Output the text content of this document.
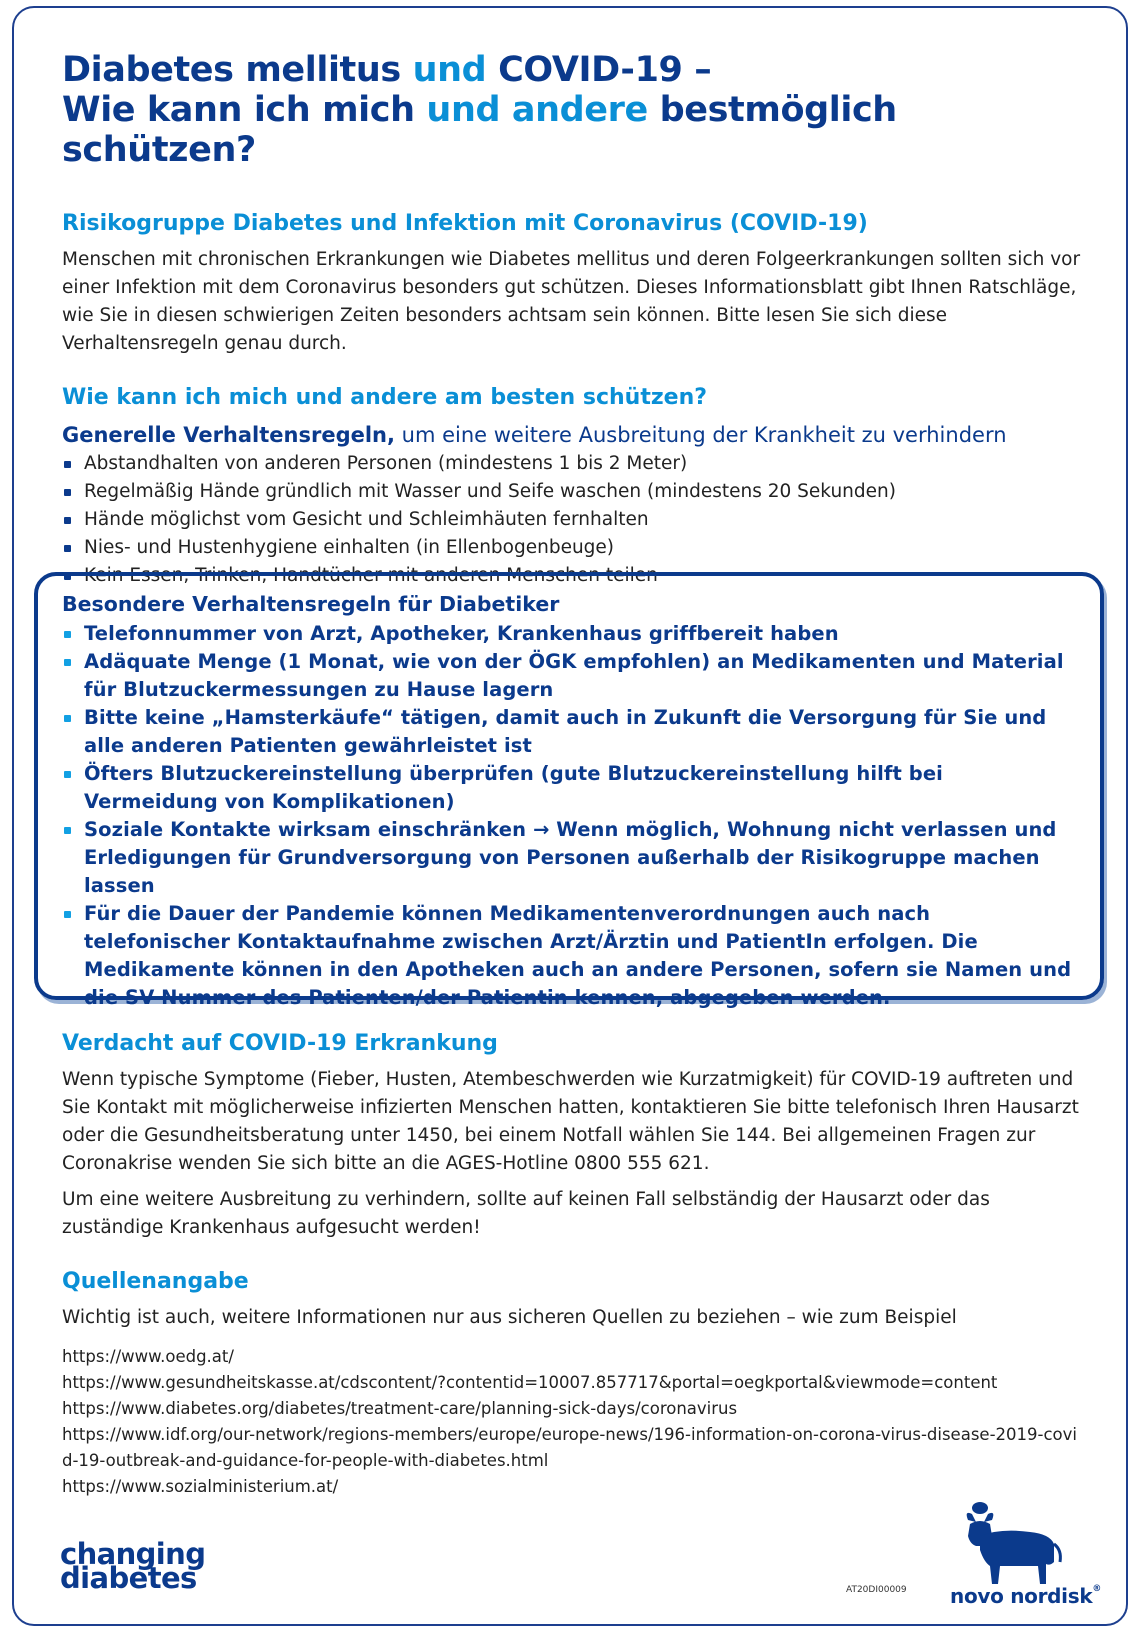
Diabetes mellitus und COVID-19 –
Wie kann ich mich und andere bestmöglich schützen?
Risikogruppe Diabetes und Infektion mit Coronavirus (COVID-19)

Menschen mit chronischen Erkrankungen wie Diabetes mellitus und deren Folgeerkrankungen sollten sich vor einer Infektion mit dem Coronavirus besonders gut schützen. Dieses Informationsblatt gibt Ihnen Ratschläge, wie Sie in diesen schwierigen Zeiten besonders achtsam sein können. Bitte lesen Sie sich diese Verhaltensregeln genau durch.

Wie kann ich mich und andere am besten schützen?

Generelle Verhaltensregeln, um eine weitere Ausbreitung der Krankheit zu verhindern

Abstandhalten von anderen Personen (mindestens 1 bis 2 Meter)
Regelmäßig Hände gründlich mit Wasser und Seife waschen (mindestens 20 Sekunden)
Hände möglichst vom Gesicht und Schleimhäuten fernhalten
Nies- und Hustenhygiene einhalten (in Ellenbogenbeuge)
Kein Essen, Trinken, Handtücher mit anderen Menschen teilen
Besondere Verhaltensregeln für Diabetiker
Telefonnummer von Arzt, Apotheker, Krankenhaus griffbereit haben
Adäquate Menge (1 Monat, wie von der ÖGK empfohlen) an Medikamenten und Material für Blutzuckermessungen zu Hause lagern
Bitte keine „Hamsterkäufe“ tätigen, damit auch in Zukunft die Versorgung für Sie und alle anderen Patienten gewährleistet ist
Öfters Blutzuckereinstellung überprüfen (gute Blutzuckereinstellung hilft bei Vermeidung von Komplikationen)
Soziale Kontakte wirksam einschränken → Wenn möglich, Wohnung nicht verlassen und Erledigungen für Grundversorgung von Personen außerhalb der Risikogruppe machen lassen
Für die Dauer der Pandemie können Medikamentenverordnungen auch nach telefonischer Kontaktaufnahme zwischen Arzt/Ärztin und PatientIn erfolgen. Die Medikamente können in den Apotheken auch an andere Personen, sofern sie Namen und die SV-Nummer des Patienten/der Patientin kennen, abgegeben werden.
Verdacht auf COVID-19 Erkrankung

Wenn typische Symptome (Fieber, Husten, Atembeschwerden wie Kurzatmigkeit) für COVID-19 auftreten und Sie Kontakt mit möglicherweise infizierten Menschen hatten, kontaktieren Sie bitte telefonisch Ihren Hausarzt oder die Gesundheitsberatung unter 1450, bei einem Notfall wählen Sie 144. Bei allgemeinen Fragen zur Coronakrise wenden Sie sich bitte an die AGES-Hotline 0800 555 621.

Um eine weitere Ausbreitung zu verhindern, sollte auf keinen Fall selbständig der Hausarzt oder das zuständige Krankenhaus aufgesucht werden!

Quellenangabe

Wichtig ist auch, weitere Informationen nur aus sicheren Quellen zu beziehen – wie zum Beispiel

https://www.oedg.at/
https://www.gesundheitskasse.at/cdscontent/?contentid=10007.857717&portal=oegkportal&viewmode=content
https://www.diabetes.org/diabetes/treatment-care/planning-sick-days/coronavirus
https://www.idf.org/our-network/regions-members/europe/europe-news/196-information-on-corona-virus-disease-2019-covid-19-outbreak-and-guidance-for-people-with-diabetes.html
https://www.sozialministerium.at/
changing
diabetes	AT20DI00009 novo nordisk®
